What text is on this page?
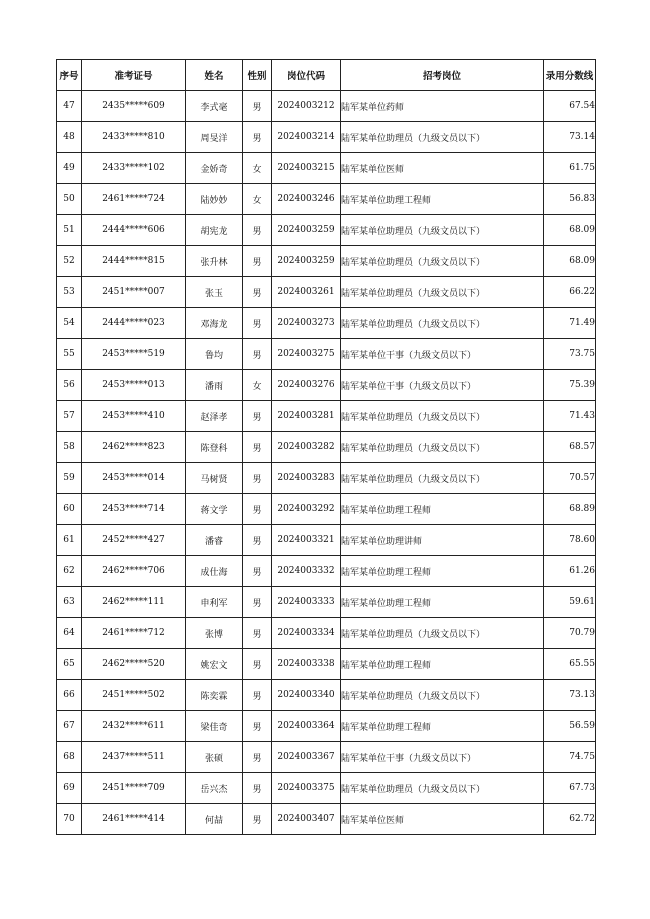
序号	准考证号	姓名	性别	岗位代码	招考岗位	录用分数线
47	2435*****609	李式毫	男	2024003212	陆军某单位药师	67.54
48	2433*****810	周旻洋	男	2024003214	陆军某单位助理员（九级文员以下）	73.14
49	2433*****102	金娇奇	女	2024003215	陆军某单位医师	61.75
50	2461*****724	陆妙妙	女	2024003246	陆军某单位助理工程师	56.83
51	2444*****606	胡宪龙	男	2024003259	陆军某单位助理员（九级文员以下）	68.09
52	2444*****815	张升林	男	2024003259	陆军某单位助理员（九级文员以下）	68.09
53	2451*****007	张玉	男	2024003261	陆军某单位助理员（九级文员以下）	66.22
54	2444*****023	邓海龙	男	2024003273	陆军某单位助理员（九级文员以下）	71.49
55	2453*****519	鲁均	男	2024003275	陆军某单位干事（九级文员以下）	73.75
56	2453*****013	潘雨	女	2024003276	陆军某单位干事（九级文员以下）	75.39
57	2453*****410	赵泽孝	男	2024003281	陆军某单位助理员（九级文员以下）	71.43
58	2462*****823	陈登科	男	2024003282	陆军某单位助理员（九级文员以下）	68.57
59	2453*****014	马树贤	男	2024003283	陆军某单位助理员（九级文员以下）	70.57
60	2453*****714	蒋文学	男	2024003292	陆军某单位助理工程师	68.89
61	2452*****427	潘睿	男	2024003321	陆军某单位助理讲师	78.60
62	2462*****706	成仕海	男	2024003332	陆军某单位助理工程师	61.26
63	2462*****111	申利军	男	2024003333	陆军某单位助理工程师	59.61
64	2461*****712	张博	男	2024003334	陆军某单位助理员（九级文员以下）	70.79
65	2462*****520	姚宏文	男	2024003338	陆军某单位助理工程师	65.55
66	2451*****502	陈奕霖	男	2024003340	陆军某单位助理员（九级文员以下）	73.13
67	2432*****611	梁佳奇	男	2024003364	陆军某单位助理工程师	56.59
68	2437*****511	张硕	男	2024003367	陆军某单位干事（九级文员以下）	74.75
69	2451*****709	岳兴杰	男	2024003375	陆军某单位助理员（九级文员以下）	67.73
70	2461*****414	何喆	男	2024003407	陆军某单位医师	62.72
